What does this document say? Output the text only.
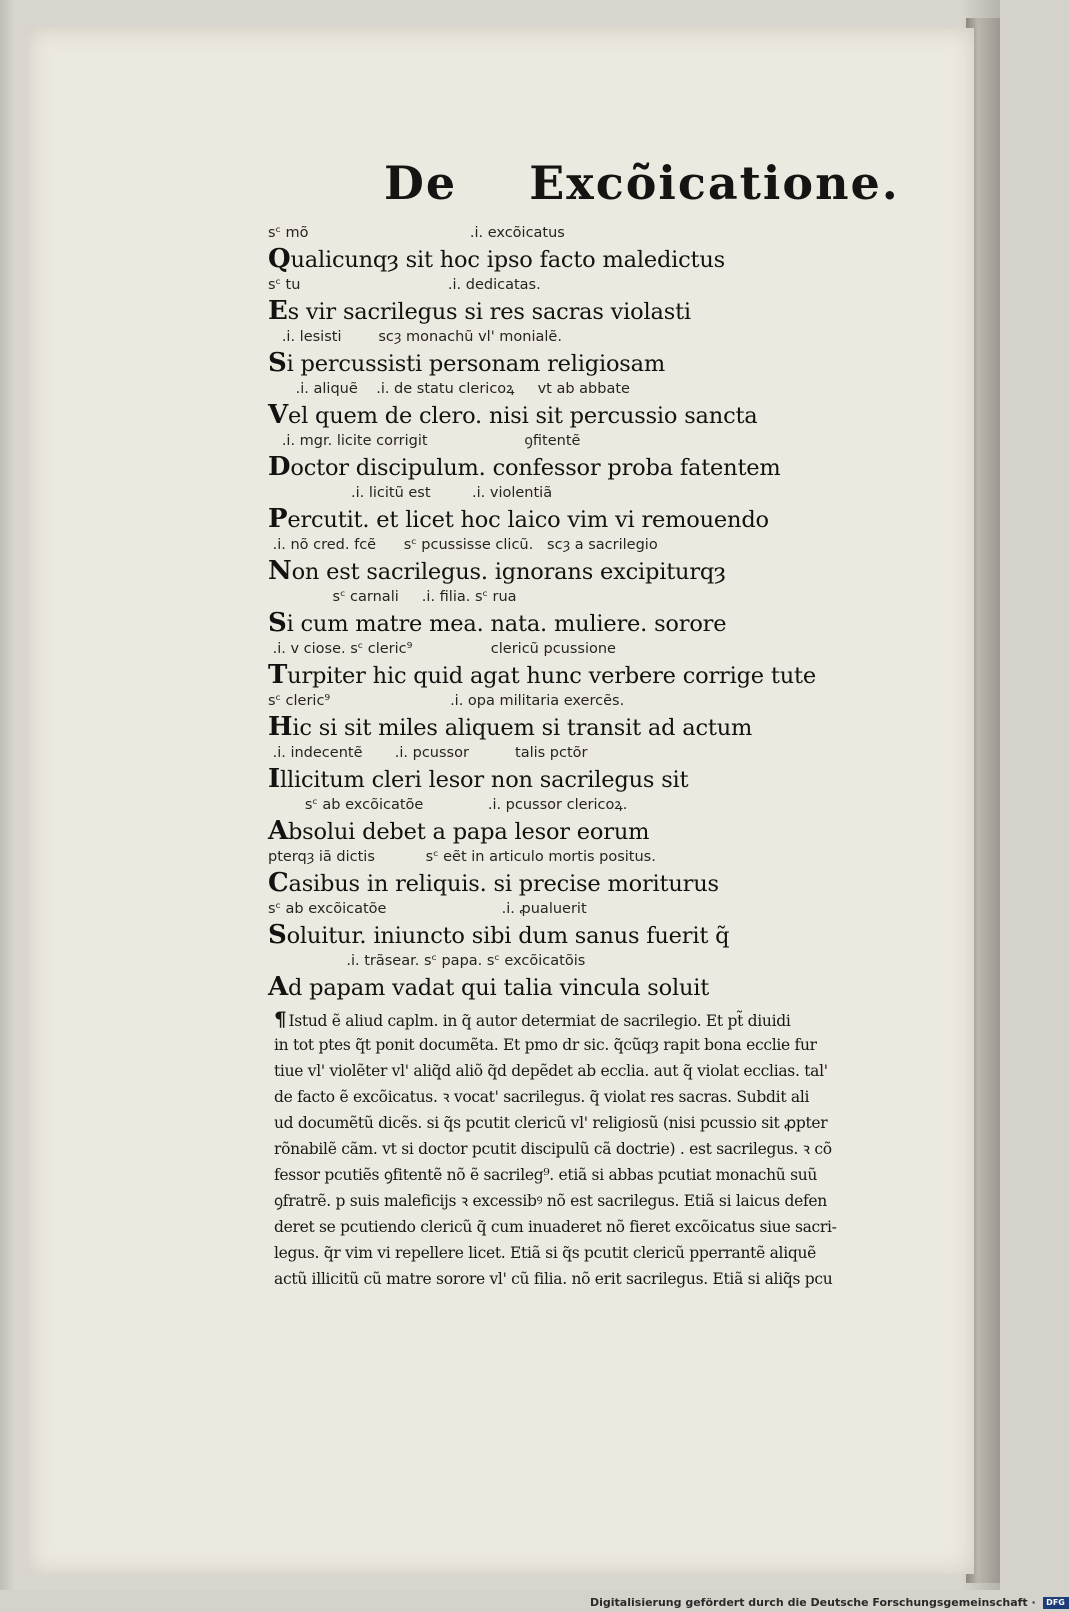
De    Excõicatione.
sᶜ mõ                                   .i. excõicatus
Qualicunqȝ sit hoc ipso facto maledictus
sᶜ tu                                .i. dedicatas.
Es vir sacrilegus si res sacras violasti
.i. lesisti        scȝ monachũ vl' monialẽ.
Si percussisti personam religiosam
.i. aliquẽ    .i. de statu clericoꝝ     vt ab abbate
Vel quem de clero. nisi sit percussio sancta
.i. mgr. licite corrigit                     ꝯfitentẽ
Doctor discipulum. confessor proba fatentem
.i. licitũ est         .i. violentiã
Percutit. et licet hoc laico vim vi remouendo
.i. nõ cred. fcẽ      sᶜ pcussisse clicũ.   scȝ a sacrilegio
Non est sacrilegus. ignorans excipiturqȝ
sᶜ carnali     .i. filia. sᶜ rua
Si cum matre mea. nata. muliere. sorore
.i. v ciose. sᶜ cleric⁹                 clericũ pcussione
Turpiter hic quid agat hunc verbere corrige tute
sᶜ cleric⁹                          .i. opa militaria exercẽs.
Hic si sit miles aliquem si transit ad actum
.i. indecentẽ       .i. pcussor          talis pctõr
Illicitum cleri lesor non sacrilegus sit
sᶜ ab excõicatõe              .i. pcussor clericoꝝ.
Absolui debet a papa lesor eorum
pterqȝ iã dictis           sᶜ eẽt in articulo mortis positus.
Casibus in reliquis. si precise moriturus
sᶜ ab excõicatõe                         .i. ꝓualuerit
Soluitur. iniuncto sibi dum sanus fuerit q̃
.i. trãsear. sᶜ papa. sᶜ excõicatõis
Ad papam vadat qui talia vincula soluit
¶ Istud ẽ aliud caplm. in q̃ autor determiat de sacrilegio. Et pt̃ diuidi
in tot ptes q̃t ponit documẽta. Et pmo dr sic. q̃cũqȝ rapit bona ecclie fur
tiue vl' violẽter vl' aliq̃d aliõ q̃d depẽdet ab ecclia. aut q̃ violat ecclias. tal'
de facto ẽ excõicatus. ꝛ vocat' sacrilegus. q̃ violat res sacras. Subdit ali
ud documẽtũ dicẽs. si q̃s pcutit clericũ vl' religiosũ (nisi pcussio sit ꝓpter
rõnabilẽ cãm. vt si doctor pcutit discipulũ cã doctrie) . est sacrilegus. ꝛ cõ
fessor pcutiẽs ꝯfitentẽ nõ ẽ sacrileg⁹. etiã si abbas pcutiat monachũ suũ
ꝯfratrẽ. p suis maleficijs ꝛ excessibꝰ nõ est sacrilegus. Etiã si laicus defen
deret se pcutiendo clericũ q̃ cum inuaderet nõ fieret excõicatus siue sacri-
legus. q̃r vim vi repellere licet. Etiã si q̃s pcutit clericũ pperrantẽ aliquẽ
actũ illicitũ cũ matre sorore vl' cũ filia. nõ erit sacrilegus. Etiã si aliq̃s pcu
Digitalisierung gefördert durch die Deutsche Forschungsgemeinschaft · DFG
